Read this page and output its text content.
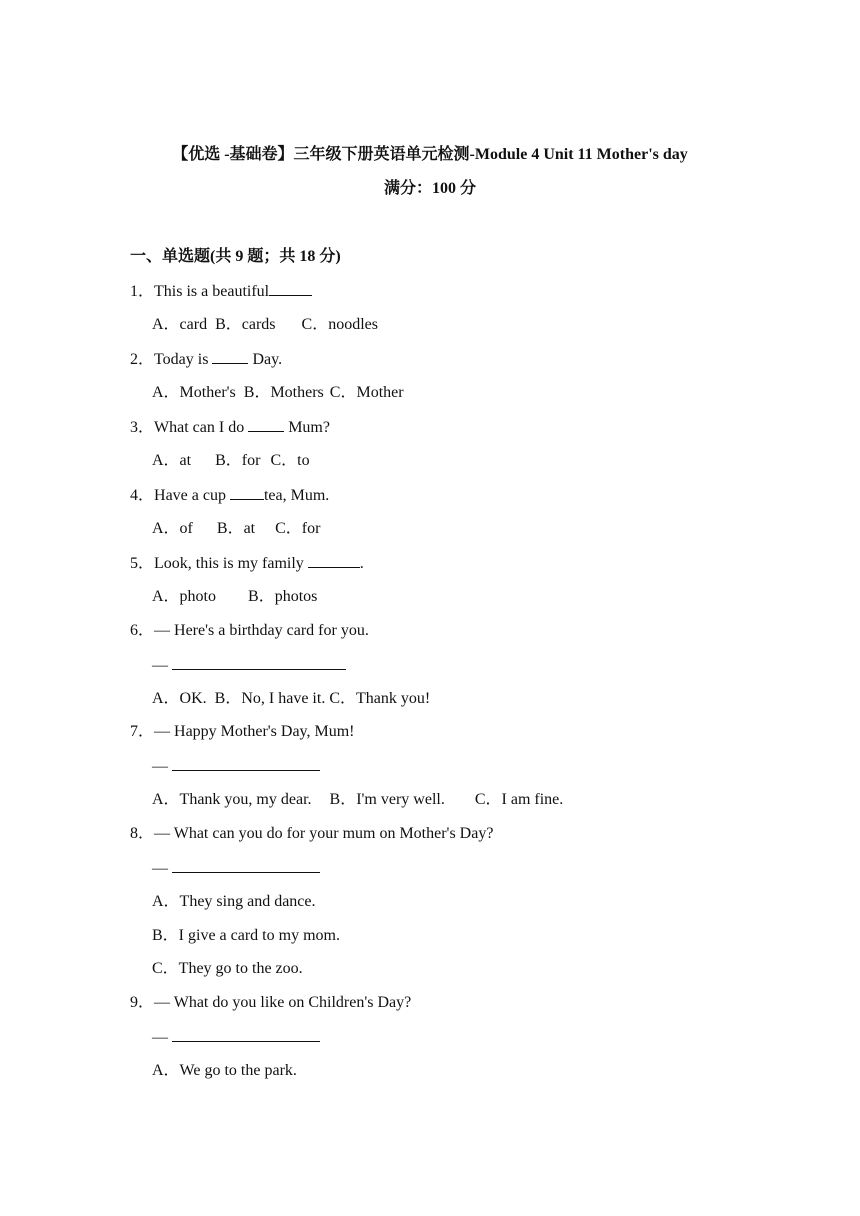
【优选 -基础卷】三年级下册英语单元检测-Module 4 Unit 11 Mother's day
满分：100 分
一、单选题(共 9 题；共 18 分)
1．This is a beautiful
A．card B．cards C．noodles
2．Today is  Day.
A．Mother's B．Mothers C．Mother
3．What can I do  Mum?
A．at B．for C．to
4．Have a cup tea, Mum.
A．of B．at C．for
5．Look, this is my family	.
A．photo B．photos
6．— Here's a birthday card for you.
—
A．OK. B．No, I have it. C．Thank you!
7．— Happy Mother's Day, Mum!
—
A．Thank you, my dear. B．I'm very well. C．I am fine.
8．— What can you do for your mum on Mother's Day?
—
A．They sing and dance.
B．I give a card to my mom.
C．They go to the zoo.
9．— What do you like on Children's Day?
—
A．We go to the park.
